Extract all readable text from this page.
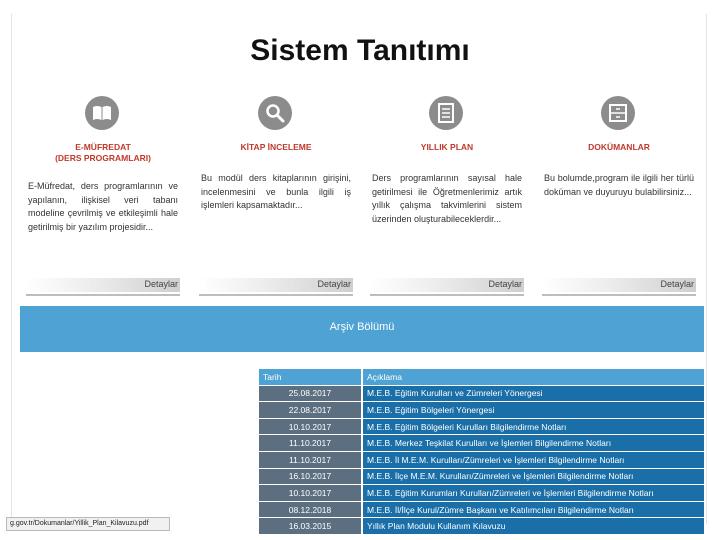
Sistem Tanıtımı
E-MÜFREDAT
(DERS PROGRAMLARI)
E-Müfredat, ders programlarının ve yapılanın, ilişkisel veri tabanı modeline çevrilmiş ve etkileşimli hale getirilmiş bir yazılım projesidir...
Detaylar
KİTAP İNCELEME
Bu modül ders kitaplarının girişini, incelenmesini ve bunla ilgili iş işlemleri kapsamaktadır...
Detaylar
YILLIK PLAN
Ders programlarının sayısal hale getirilmesi ile Öğretmenlerimiz artık yıllık çalışma takvimlerini sistem üzerinden oluşturabileceklerdir...
Detaylar
DOKÜMANLAR
Bu bolumde,program ile ilgili her türlü doküman ve duyuruyu bulabilirsiniz...
Detaylar
Arşiv Bölümü
Tarih	Açıklama
25.08.2017	M.E.B. Eğitim Kurulları ve Zümreleri Yönergesi
22.08.2017	M.E.B. Eğitim Bölgeleri Yönergesi
10.10.2017	M.E.B. Eğitim Bölgeleri Kurulları Bilgilendirme Notları
11.10.2017	M.E.B. Merkez Teşkilat Kurulları ve İşlemleri Bilgilendirme Notları
11.10.2017	M.E.B. İl M.E.M. Kurulları/Zümreleri ve İşlemleri Bilgilendirme Notları
16.10.2017	M.E.B. İlçe M.E.M. Kurulları/Zümreleri ve İşlemleri Bilgilendirme Notları
10.10.2017	M.E.B. Eğitim Kurumları Kurulları/Zümreleri ve İşlemleri Bilgilendirme Notları
08.12.2018	M.E.B. İl/İlçe Kurul/Zümre Başkanı ve Katılımcıları Bilgilendirme Notları
16.03.2015	Yıllık Plan Modulu Kullanım Kılavuzu
g.gov.tr/Dokumanlar/Yillik_Plan_Kilavuzu.pdf
